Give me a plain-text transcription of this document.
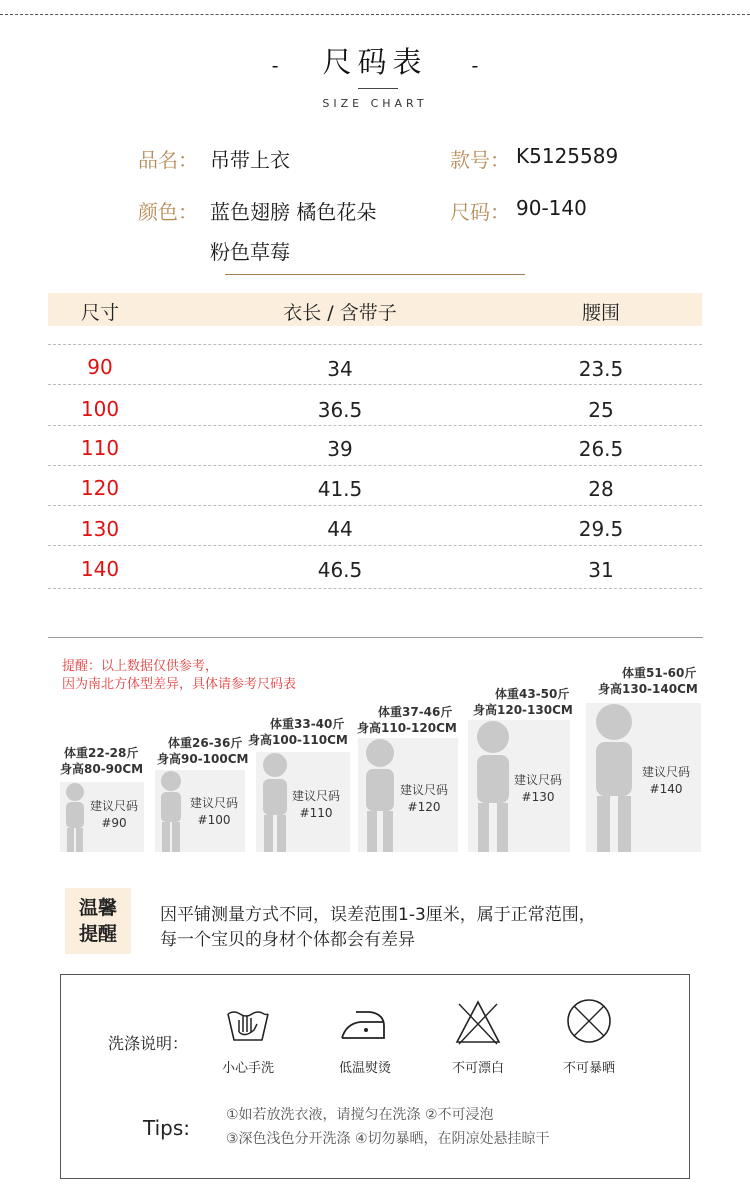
- 尺码表 -
SIZE CHART
品名： 吊带上衣	款号： K5125589
颜色： 蓝色翅膀 橘色花朵
粉色草莓
尺码： 90-140
尺寸	衣长 / 含带子	腰围
90	34	23.5
100	36.5	25
110	39	26.5
120	41.5	28
130	44	29.5
140	46.5	31
提醒：以上数据仅供参考，
因为南北方体型差异，具体请参考尺码表
体重22-28斤
身高80-90CM
建议尺码
#90
体重26-36斤
身高90-100CM
建议尺码
#100
体重33-40斤
身高100-110CM
建议尺码
#110
体重37-46斤
身高110-120CM
建议尺码
#120
体重43-50斤
身高120-130CM
建议尺码
#130
体重51-60斤
身高130-140CM
建议尺码
#140
温馨
提醒
因平铺测量方式不同，误差范围1-3厘米，属于正常范围，
每一个宝贝的身材个体都会有差异
洗涤说明：
小心手洗	低温熨烫	不可漂白	不可暴晒
Tips:
①如若放洗衣液，请搅匀在洗涤 ②不可浸泡
③深色浅色分开洗涤 ④切勿暴晒，在阴凉处悬挂晾干
